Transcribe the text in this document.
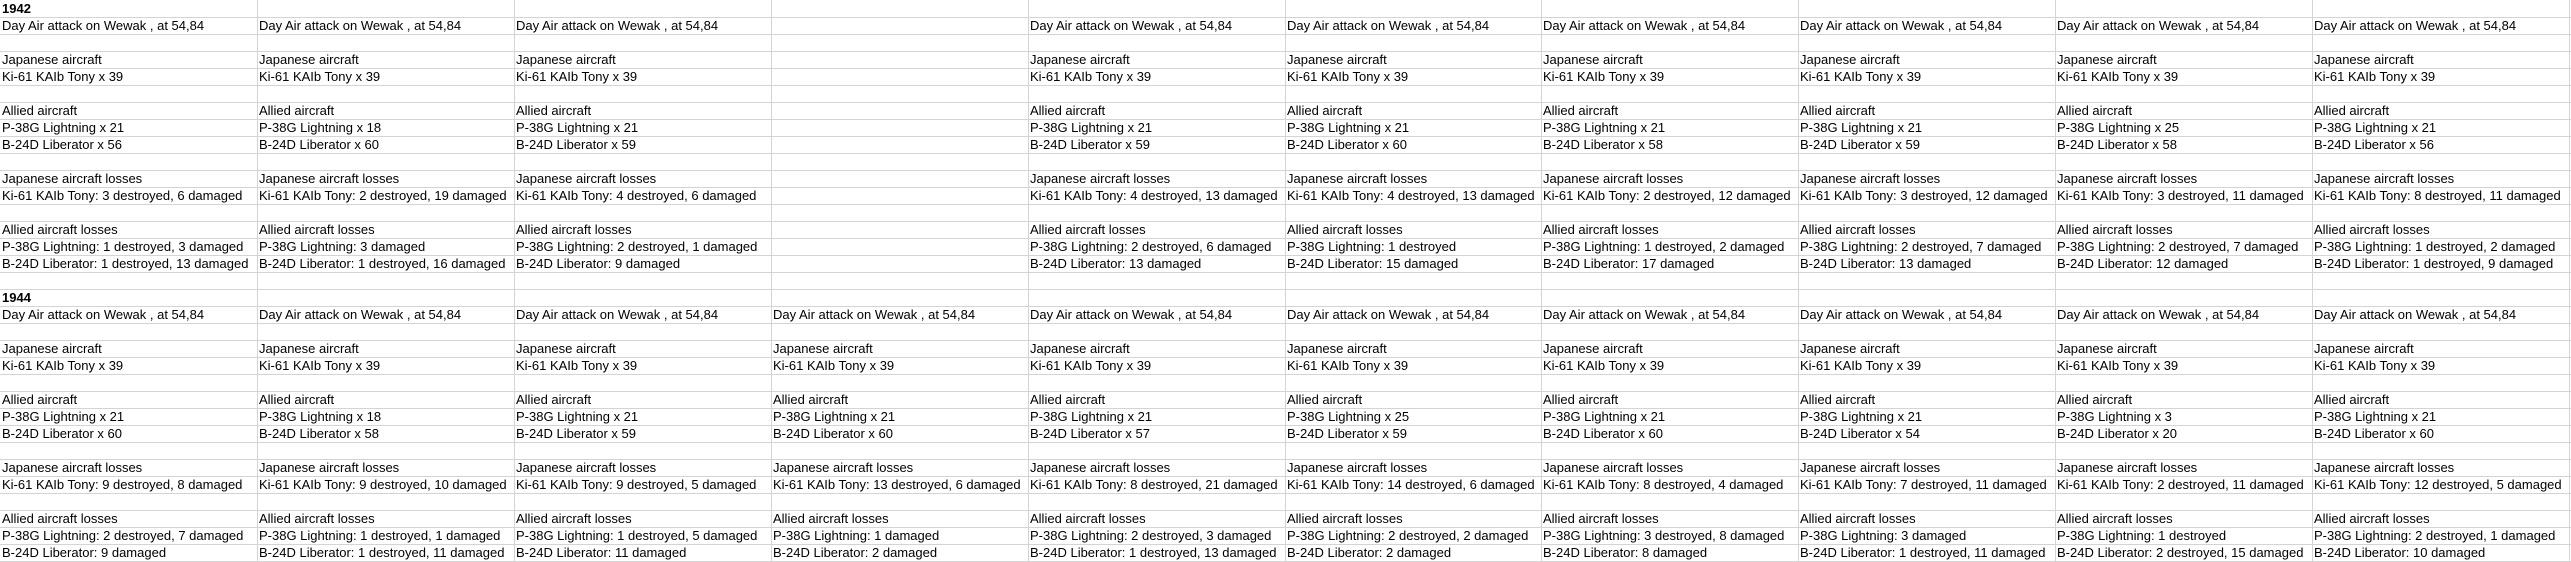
1942
Day Air attack on Wewak , at 54,84
Japanese aircraft
Ki-61 KAIb Tony x 39
Allied aircraft
P-38G Lightning x 21
B-24D Liberator x 56
Japanese aircraft losses
Ki-61 KAIb Tony: 3 destroyed, 6 damaged
Allied aircraft losses
P-38G Lightning: 1 destroyed, 3 damaged
B-24D Liberator: 1 destroyed, 13 damaged
Day Air attack on Wewak , at 54,84
Japanese aircraft
Ki-61 KAIb Tony x 39
Allied aircraft
P-38G Lightning x 18
B-24D Liberator x 60
Japanese aircraft losses
Ki-61 KAIb Tony: 2 destroyed, 19 damaged
Allied aircraft losses
P-38G Lightning: 3 damaged
B-24D Liberator: 1 destroyed, 16 damaged
Day Air attack on Wewak , at 54,84
Japanese aircraft
Ki-61 KAIb Tony x 39
Allied aircraft
P-38G Lightning x 21
B-24D Liberator x 59
Japanese aircraft losses
Ki-61 KAIb Tony: 4 destroyed, 6 damaged
Allied aircraft losses
P-38G Lightning: 2 destroyed, 1 damaged
B-24D Liberator: 9 damaged
Day Air attack on Wewak , at 54,84
Japanese aircraft
Ki-61 KAIb Tony x 39
Allied aircraft
P-38G Lightning x 21
B-24D Liberator x 59
Japanese aircraft losses
Ki-61 KAIb Tony: 4 destroyed, 13 damaged
Allied aircraft losses
P-38G Lightning: 2 destroyed, 6 damaged
B-24D Liberator: 13 damaged
Day Air attack on Wewak , at 54,84
Japanese aircraft
Ki-61 KAIb Tony x 39
Allied aircraft
P-38G Lightning x 21
B-24D Liberator x 60
Japanese aircraft losses
Ki-61 KAIb Tony: 4 destroyed, 13 damaged
Allied aircraft losses
P-38G Lightning: 1 destroyed
B-24D Liberator: 15 damaged
Day Air attack on Wewak , at 54,84
Japanese aircraft
Ki-61 KAIb Tony x 39
Allied aircraft
P-38G Lightning x 21
B-24D Liberator x 58
Japanese aircraft losses
Ki-61 KAIb Tony: 2 destroyed, 12 damaged
Allied aircraft losses
P-38G Lightning: 1 destroyed, 2 damaged
B-24D Liberator: 17 damaged
Day Air attack on Wewak , at 54,84
Japanese aircraft
Ki-61 KAIb Tony x 39
Allied aircraft
P-38G Lightning x 21
B-24D Liberator x 59
Japanese aircraft losses
Ki-61 KAIb Tony: 3 destroyed, 12 damaged
Allied aircraft losses
P-38G Lightning: 2 destroyed, 7 damaged
B-24D Liberator: 13 damaged
Day Air attack on Wewak , at 54,84
Japanese aircraft
Ki-61 KAIb Tony x 39
Allied aircraft
P-38G Lightning x 25
B-24D Liberator x 58
Japanese aircraft losses
Ki-61 KAIb Tony: 3 destroyed, 11 damaged
Allied aircraft losses
P-38G Lightning: 2 destroyed, 7 damaged
B-24D Liberator: 12 damaged
Day Air attack on Wewak , at 54,84
Japanese aircraft
Ki-61 KAIb Tony x 39
Allied aircraft
P-38G Lightning x 21
B-24D Liberator x 56
Japanese aircraft losses
Ki-61 KAIb Tony: 8 destroyed, 11 damaged
Allied aircraft losses
P-38G Lightning: 1 destroyed, 2 damaged
B-24D Liberator: 1 destroyed, 9 damaged
1944
Day Air attack on Wewak , at 54,84
Japanese aircraft
Ki-61 KAIb Tony x 39
Allied aircraft
P-38G Lightning x 21
B-24D Liberator x 60
Japanese aircraft losses
Ki-61 KAIb Tony: 9 destroyed, 8 damaged
Allied aircraft losses
P-38G Lightning: 2 destroyed, 7 damaged
B-24D Liberator: 9 damaged
Day Air attack on Wewak , at 54,84
Japanese aircraft
Ki-61 KAIb Tony x 39
Allied aircraft
P-38G Lightning x 18
B-24D Liberator x 58
Japanese aircraft losses
Ki-61 KAIb Tony: 9 destroyed, 10 damaged
Allied aircraft losses
P-38G Lightning: 1 destroyed, 1 damaged
B-24D Liberator: 1 destroyed, 11 damaged
Day Air attack on Wewak , at 54,84
Japanese aircraft
Ki-61 KAIb Tony x 39
Allied aircraft
P-38G Lightning x 21
B-24D Liberator x 59
Japanese aircraft losses
Ki-61 KAIb Tony: 9 destroyed, 5 damaged
Allied aircraft losses
P-38G Lightning: 1 destroyed, 5 damaged
B-24D Liberator: 11 damaged
Day Air attack on Wewak , at 54,84
Japanese aircraft
Ki-61 KAIb Tony x 39
Allied aircraft
P-38G Lightning x 21
B-24D Liberator x 60
Japanese aircraft losses
Ki-61 KAIb Tony: 13 destroyed, 6 damaged
Allied aircraft losses
P-38G Lightning: 1 damaged
B-24D Liberator: 2 damaged
Day Air attack on Wewak , at 54,84
Japanese aircraft
Ki-61 KAIb Tony x 39
Allied aircraft
P-38G Lightning x 21
B-24D Liberator x 57
Japanese aircraft losses
Ki-61 KAIb Tony: 8 destroyed, 21 damaged
Allied aircraft losses
P-38G Lightning: 2 destroyed, 3 damaged
B-24D Liberator: 1 destroyed, 13 damaged
Day Air attack on Wewak , at 54,84
Japanese aircraft
Ki-61 KAIb Tony x 39
Allied aircraft
P-38G Lightning x 25
B-24D Liberator x 59
Japanese aircraft losses
Ki-61 KAIb Tony: 14 destroyed, 6 damaged
Allied aircraft losses
P-38G Lightning: 2 destroyed, 2 damaged
B-24D Liberator: 2 damaged
Day Air attack on Wewak , at 54,84
Japanese aircraft
Ki-61 KAIb Tony x 39
Allied aircraft
P-38G Lightning x 21
B-24D Liberator x 60
Japanese aircraft losses
Ki-61 KAIb Tony: 8 destroyed, 4 damaged
Allied aircraft losses
P-38G Lightning: 3 destroyed, 8 damaged
B-24D Liberator: 8 damaged
Day Air attack on Wewak , at 54,84
Japanese aircraft
Ki-61 KAIb Tony x 39
Allied aircraft
P-38G Lightning x 21
B-24D Liberator x 54
Japanese aircraft losses
Ki-61 KAIb Tony: 7 destroyed, 11 damaged
Allied aircraft losses
P-38G Lightning: 3 damaged
B-24D Liberator: 1 destroyed, 11 damaged
Day Air attack on Wewak , at 54,84
Japanese aircraft
Ki-61 KAIb Tony x 39
Allied aircraft
P-38G Lightning x 3
B-24D Liberator x 20
Japanese aircraft losses
Ki-61 KAIb Tony: 2 destroyed, 11 damaged
Allied aircraft losses
P-38G Lightning: 1 destroyed
B-24D Liberator: 2 destroyed, 15 damaged
Day Air attack on Wewak , at 54,84
Japanese aircraft
Ki-61 KAIb Tony x 39
Allied aircraft
P-38G Lightning x 21
B-24D Liberator x 60
Japanese aircraft losses
Ki-61 KAIb Tony: 12 destroyed, 5 damaged
Allied aircraft losses
P-38G Lightning: 2 destroyed, 1 damaged
B-24D Liberator: 10 damaged
